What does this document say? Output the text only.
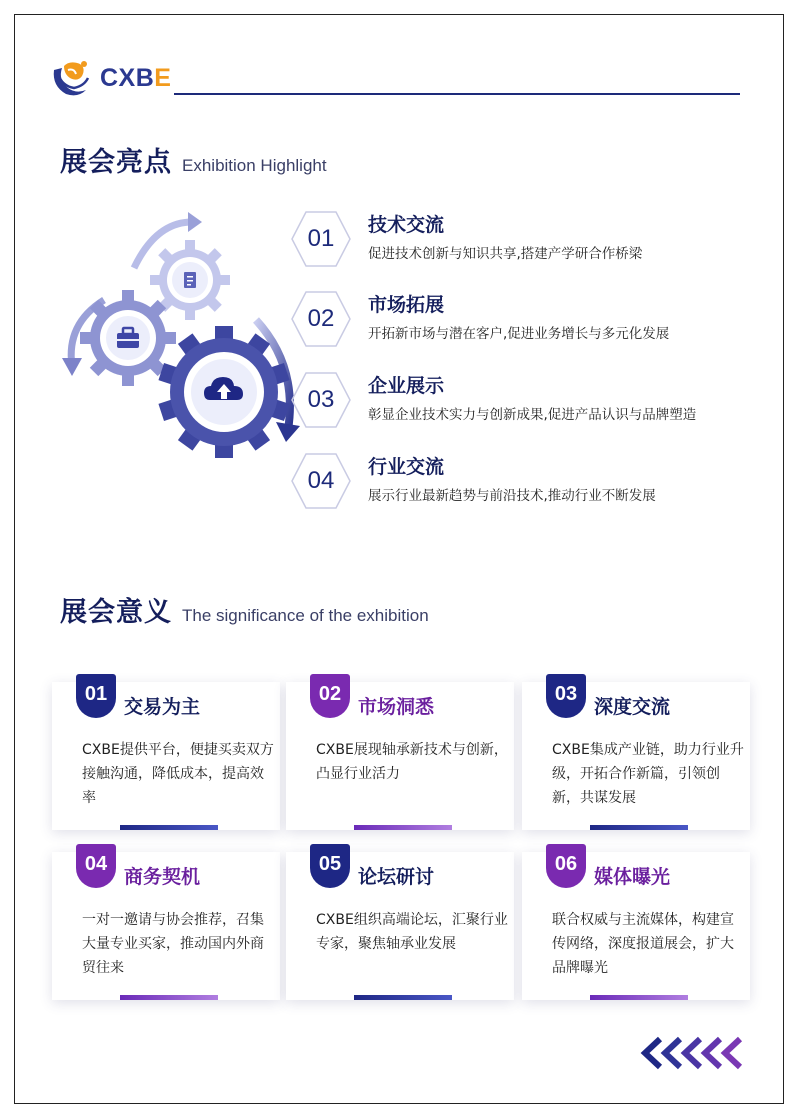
CXBE
展会亮点 Exhibition Highlight
01	技术交流
促进技术创新与知识共享,搭建产学研合作桥梁
02	市场拓展
开拓新市场与潜在客户,促进业务增长与多元化发展
03	企业展示
彰显企业技术实力与创新成果,促进产品认识与品牌塑造
04	行业交流
展示行业最新趋势与前沿技术,推动行业不断发展
展会意义 The significance of the exhibition
01
交易为主
CXBE提供平台，便捷买卖双方接触沟通，降低成本，提高效率
02
市场洞悉
CXBE展现轴承新技术与创新，凸显行业活力
03
深度交流
CXBE集成产业链，助力行业升级，开拓合作新篇，引领创新，共谋发展
04
商务契机
一对一邀请与协会推荐，召集大量专业买家，推动国内外商贸往来
05
论坛研讨
CXBE组织高端论坛，汇聚行业专家，聚焦轴承业发展
06
媒体曝光
联合权威与主流媒体，构建宣传网络，深度报道展会，扩大品牌曝光
